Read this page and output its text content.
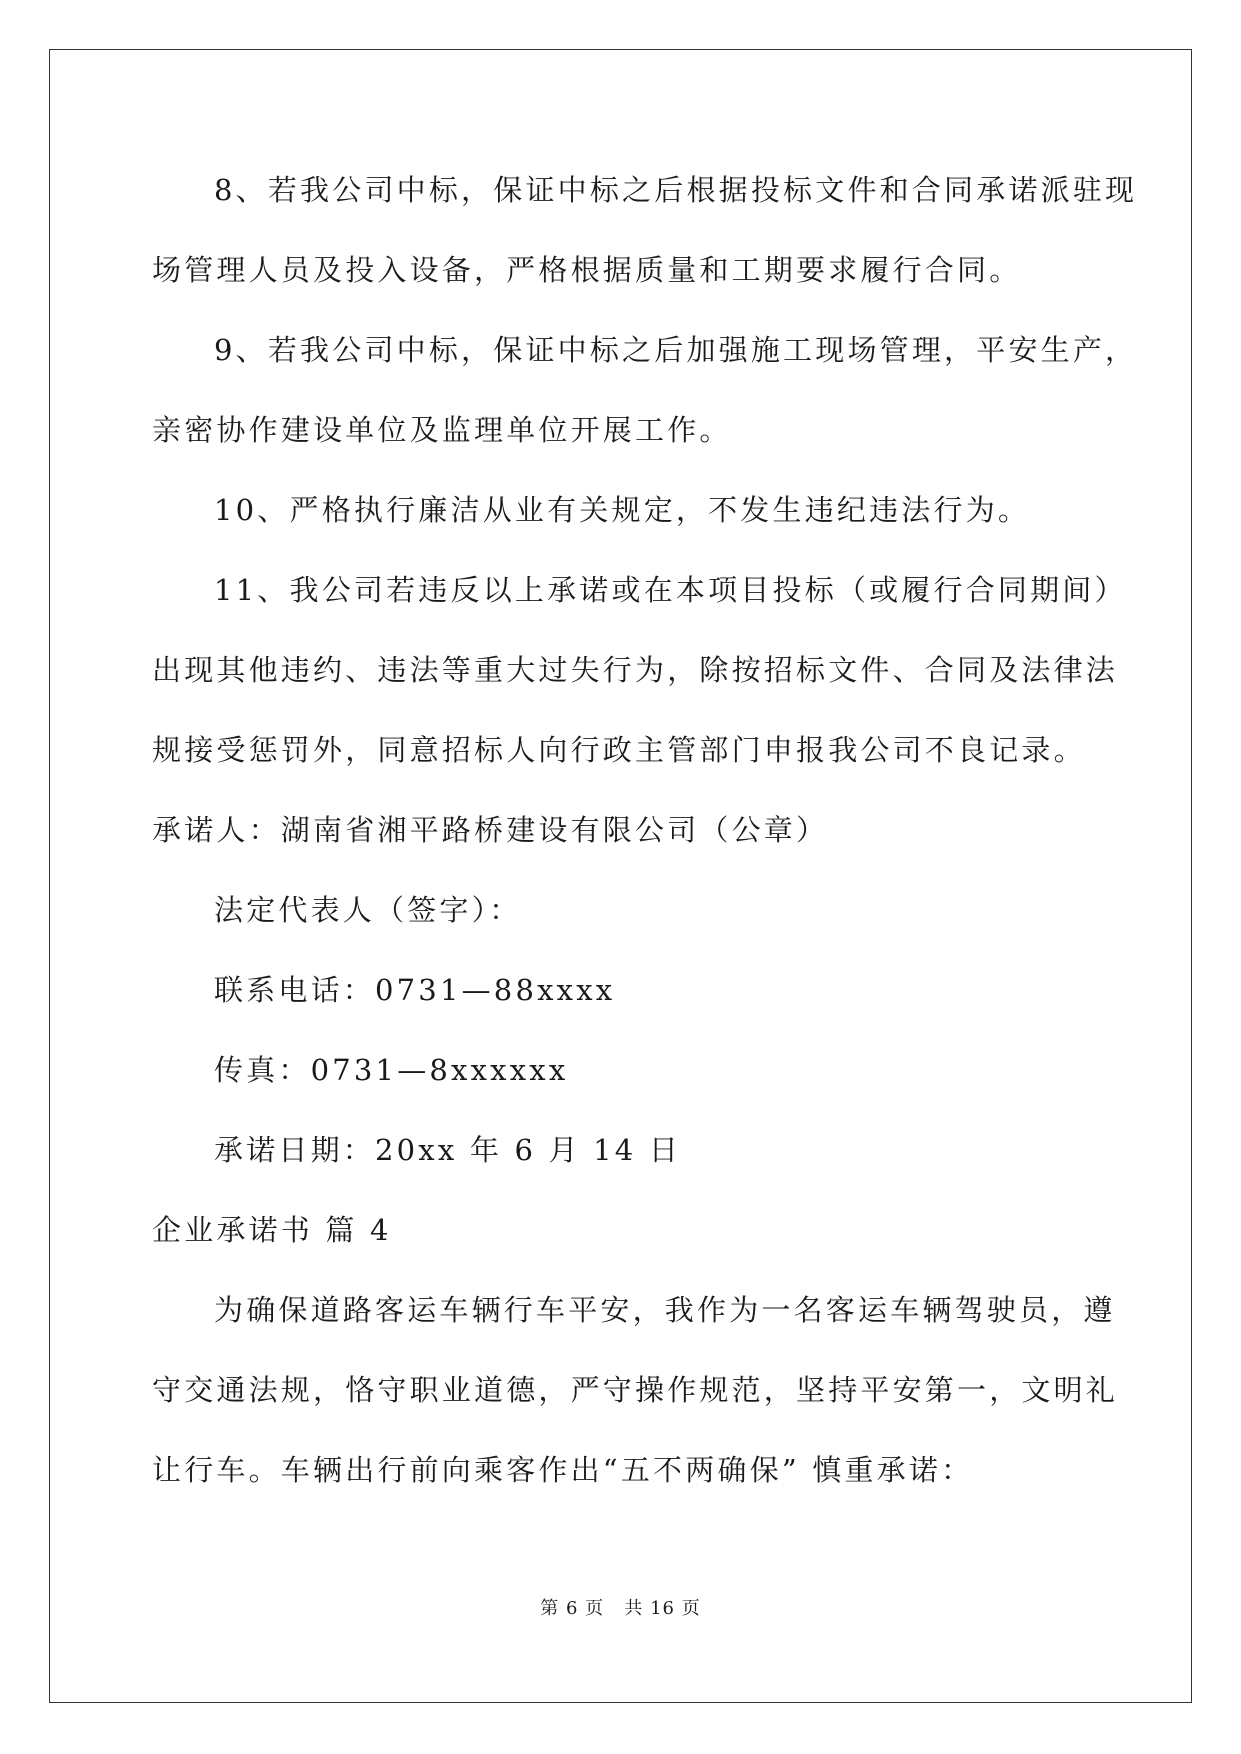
8、若我公司中标，保证中标之后根据投标文件和合同承诺派驻现
场管理人员及投入设备，严格根据质量和工期要求履行合同。
9、若我公司中标，保证中标之后加强施工现场管理，平安生产，
亲密协作建设单位及监理单位开展工作。
10、严格执行廉洁从业有关规定，不发生违纪违法行为。
11、我公司若违反以上承诺或在本项目投标（或履行合同期间）
出现其他违约、违法等重大过失行为，除按招标文件、合同及法律法
规接受惩罚外，同意招标人向行政主管部门申报我公司不良记录。
承诺人：湖南省湘平路桥建设有限公司（公章）
法定代表人（签字）：
联系电话：0731—88xxxx
传真：0731—8xxxxxx
承诺日期：20xx 年 6 月 14 日
企业承诺书 篇 4
为确保道路客运车辆行车平安，我作为一名客运车辆驾驶员，遵
守交通法规，恪守职业道德，严守操作规范，坚持平安第一，文明礼
让行车。车辆出行前向乘客作出“五不两确保” 慎重承诺：
第 6 页   共 16 页
